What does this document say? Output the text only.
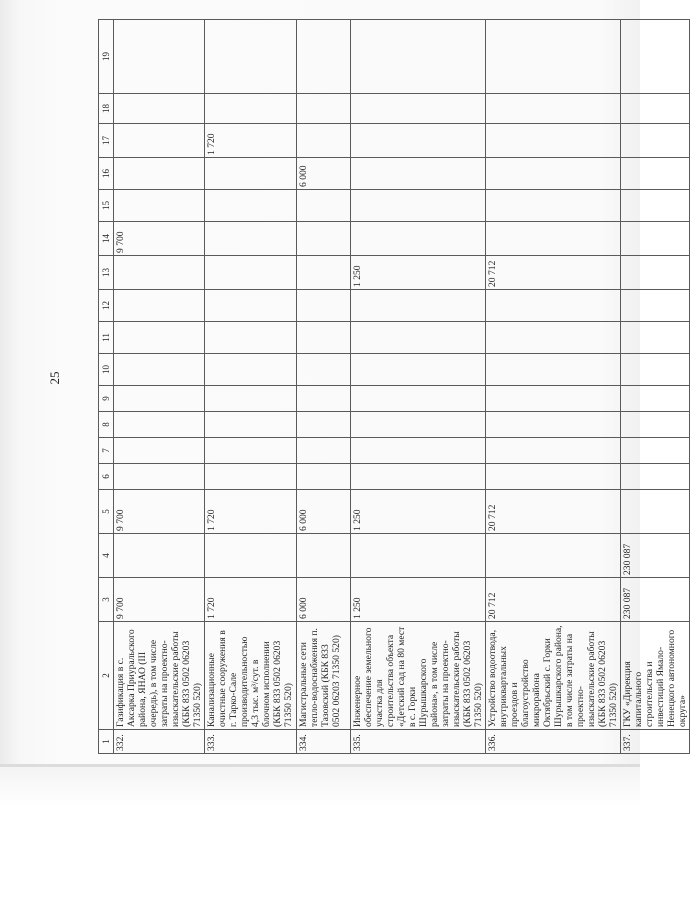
25
1	2	3	4	5	6	7	8	9	10	11	12	13	14	15	16	17	18	19
332.	Газификация в с. Аксарка Приуральского района, ЯНАО (III очередь), в том числе затраты на проектно-изыскательские работы (КБК 833 0502 06203 71350 520)	9 700		9 700									9 700					
333.	Канализационные очистные сооружения в г. Тарко-Сале производительностью 4,3 тыс. м³/сут. в блочном исполнении (КБК 833 0502 06203 71350 520)	1 720		1 720												1 720		
334.	Магистральные сети тепло-водоснабжения п. Тазовский (КБК 833 0502 06203 71350 520)	6 000		6 000											6 000			
335.	Инженерное обеспечение земельного участка для строительства объекта «Детский сад на 80 мест в с. Горки Шурышкарского района», в том числе затраты на проектно-изыскательские работы (КБК 833 0502 06203 71350 520)	1 250		1 250								1 250						
336.	Устройство водоотвода, внутриквартальных проездов и благоустройство микрорайона Октябрьский с. Горки Шурышкарского района, в том числе затраты на проектно-изыскательские работы (КБК 833 0502 06203 71350 520)	20 712		20 712								20 712						
337.	ГКУ «Дирекция капитального строительства и инвестиций Ямало-Ненецкого автономного округа»	230 087	230 087															
